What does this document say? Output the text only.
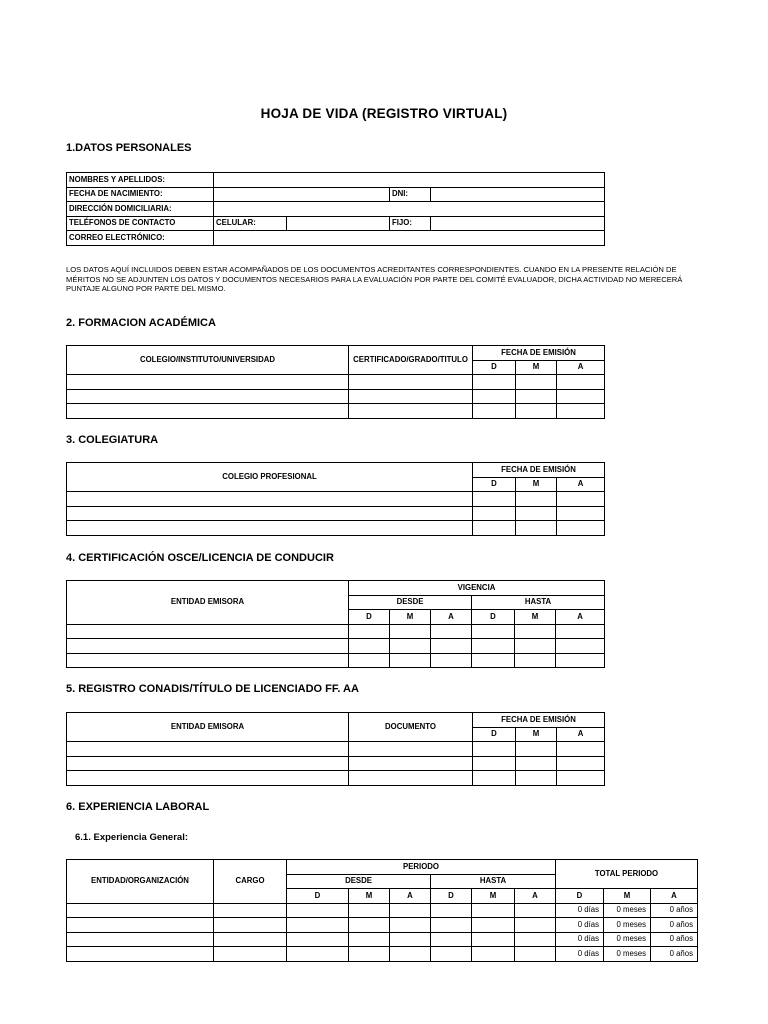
HOJA DE VIDA (REGISTRO VIRTUAL)
1.DATOS PERSONALES
NOMBRES Y APELLIDOS:				
FECHA DE NACIMIENTO:			DNI:	
DIRECCIÓN DOMICILIARIA:				
TELÉFONOS DE CONTACTO	CELULAR:		FIJO:	
CORREO ELECTRÓNICO:				
LOS DATOS AQUÍ INCLUIDOS DEBEN ESTAR ACOMPAÑADOS DE LOS DOCUMENTOS ACREDITANTES CORRESPONDIENTES. CUANDO EN LA PRESENTE RELACIÓN DE MÉRITOS NO SE ADJUNTEN LOS DATOS Y DOCUMENTOS NECESARIOS PARA LA EVALUACIÓN POR PARTE DEL COMITÉ EVALUADOR, DICHA ACTIVIDAD NO MERECERÁ PUNTAJE ALGUNO POR PARTE DEL MISMO.
2. FORMACION ACADÉMICA
COLEGIO/INSTITUTO/UNIVERSIDAD	CERTIFICADO/GRADO/TITULO	FECHA DE EMISIÓN		
		D	M	A

3. COLEGIATURA
COLEGIO PROFESIONAL	FECHA DE EMISIÓN		
	D	M	A

4. CERTIFICACIÓN OSCE/LICENCIA DE CONDUCIR
ENTIDAD EMISORA	VIGENCIA					
	DESDE			HASTA		
	D	M	A	D	M	A

5. REGISTRO CONADIS/TÍTULO DE LICENCIADO FF. AA
ENTIDAD EMISORA	DOCUMENTO	FECHA DE EMISIÓN		
		D	M	A

6. EXPERIENCIA LABORAL
6.1. Experiencia General:
ENTIDAD/ORGANIZACIÓN	CARGO	PERIODO						TOTAL PERIODO		
		DESDE			HASTA					
		D	M	A	D	M	A	D	M	A
								0 días	0 meses	0 años
								0 días	0 meses	0 años
								0 días	0 meses	0 años
								0 días	0 meses	0 años
